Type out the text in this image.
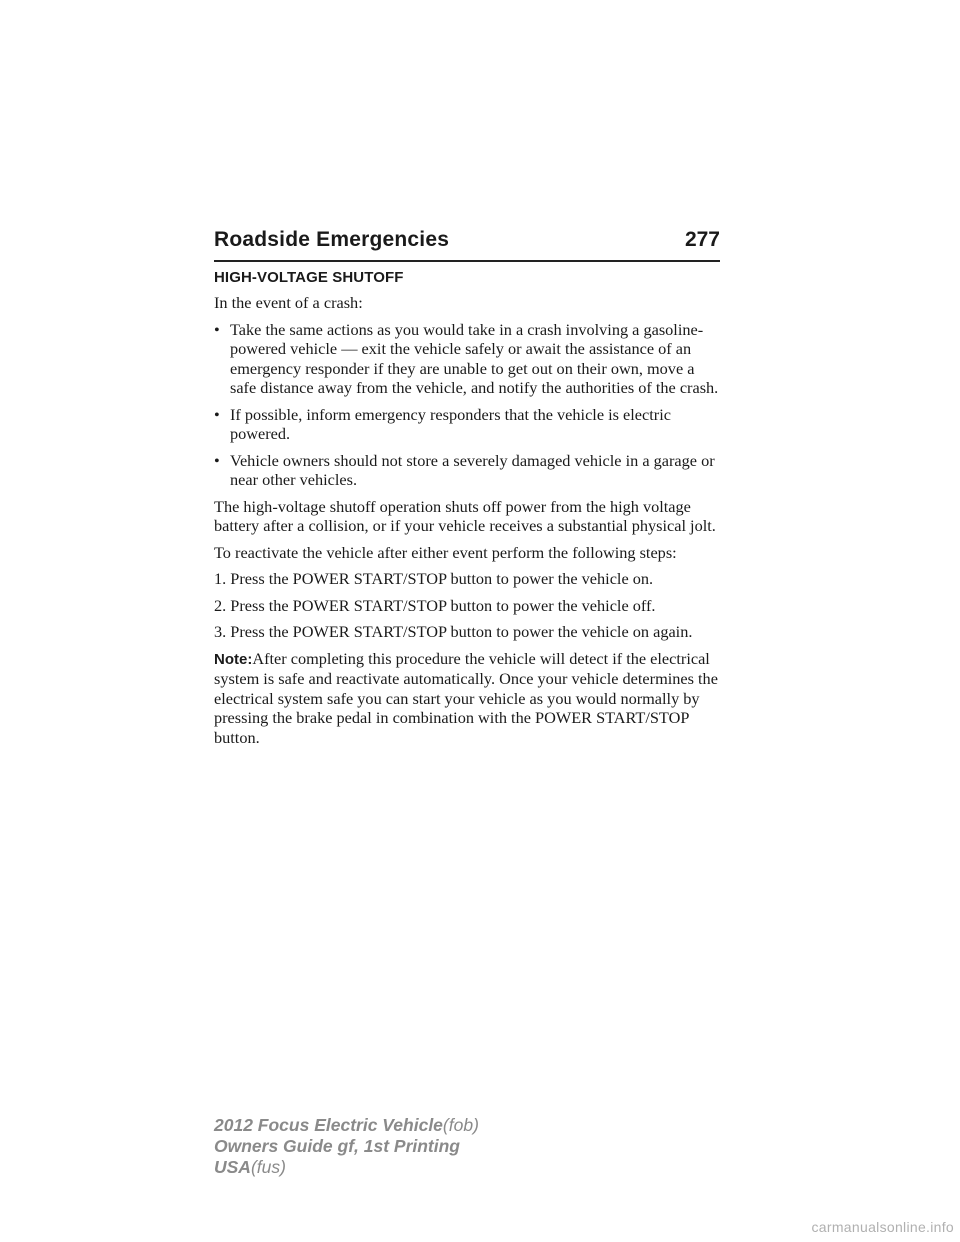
Roadside Emergencies	277
HIGH-VOLTAGE SHUTOFF

In the event of a crash:

• Take the same actions as you would take in a crash involving a gasoline-powered vehicle — exit the vehicle safely or await the assistance of an emergency responder if they are unable to get out on their own, move a safe distance away from the vehicle, and notify the authorities of the crash.
• If possible, inform emergency responders that the vehicle is electric powered.
• Vehicle owners should not store a severely damaged vehicle in a garage or near other vehicles.

The high-voltage shutoff operation shuts off power from the high voltage battery after a collision, or if your vehicle receives a substantial physical jolt.

To reactivate the vehicle after either event perform the following steps:

1. Press the POWER START/STOP button to power the vehicle on.

2. Press the POWER START/STOP button to power the vehicle off.

3. Press the POWER START/STOP button to power the vehicle on again.

Note:After completing this procedure the vehicle will detect if the electrical system is safe and reactivate automatically. Once your vehicle determines the electrical system safe you can start your vehicle as you would normally by pressing the brake pedal in combination with the POWER START/STOP button.

2012 Focus Electric Vehicle(fob)
Owners Guide gf, 1st Printing
USA(fus)
carmanualsonline.info
